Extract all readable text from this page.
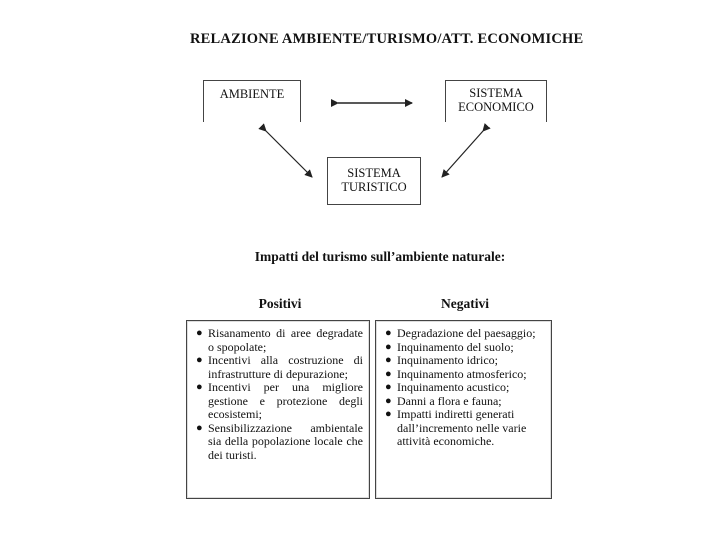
RELAZIONE AMBIENTE/TURISMO/ATT. ECONOMICHE
AMBIENTE	SISTEMA
ECONOMICO
SISTEMA
TURISTICO
Impatti del turismo sull’ambiente naturale:
Positivi	Negativi
● Risanamento di aree degradate o spopolate;
● Incentivi alla costruzione di infrastrutture di depurazione;
● Incentivi per una migliore gestione e protezione degli ecosistemi;
● Sensibilizzazione ambientale sia della popolazione locale che dei turisti.
● Degradazione del paesaggio;
● Inquinamento del suolo;
● Inquinamento idrico;
● Inquinamento atmosferico;
● Inquinamento acustico;
● Danni a flora e fauna;
● Impatti indiretti generati dall’incremento nelle varie attività economiche.
